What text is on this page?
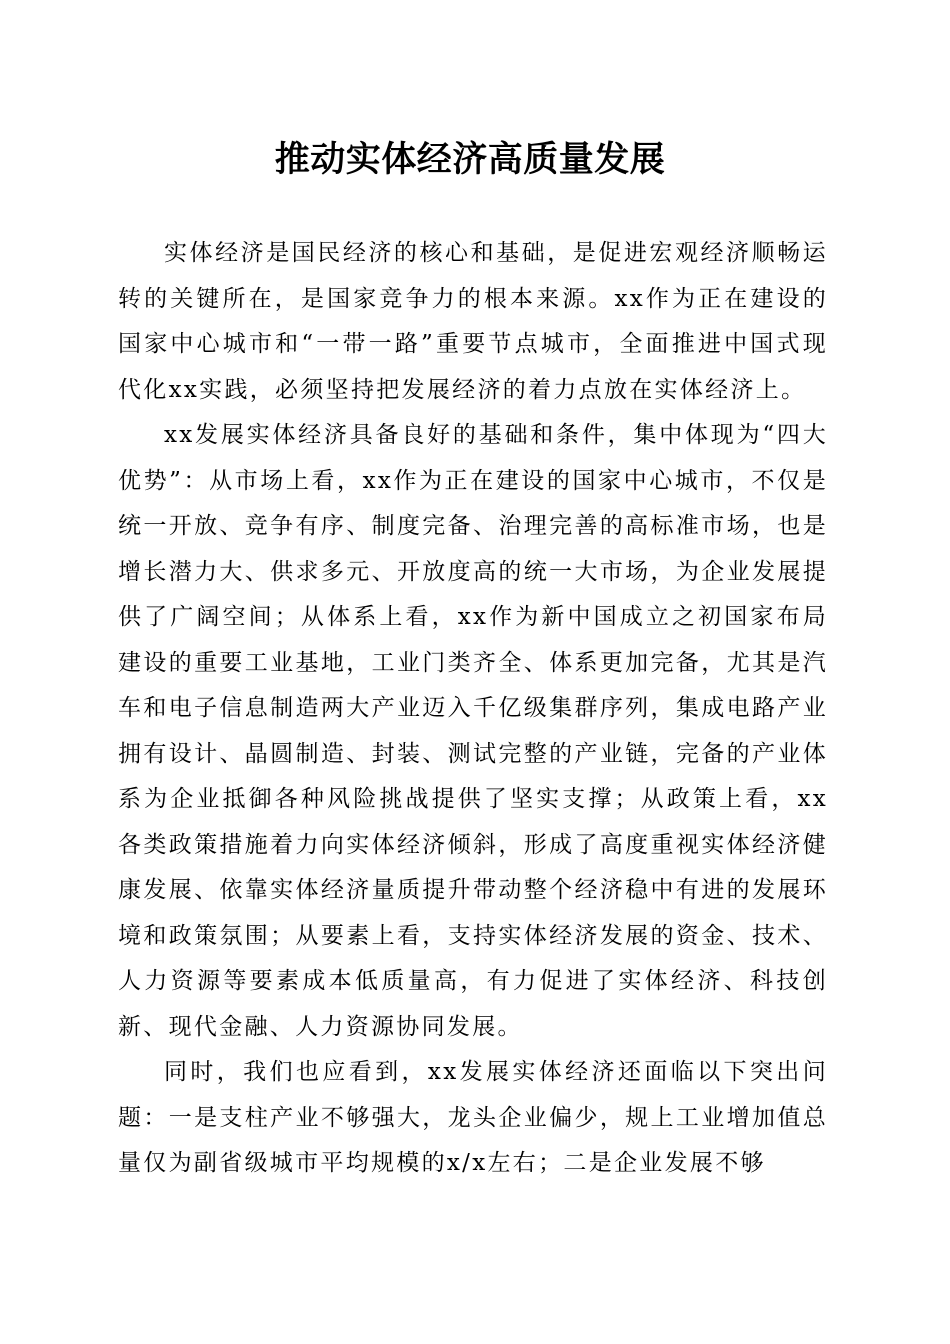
推动实体经济高质量发展

实体经济是国民经济的核心和基础，是促进宏观经济顺畅运转的关键所在，是国家竞争力的根本来源。xx作为正在建设的国家中心城市和“一带一路”重要节点城市，全面推进中国式现代化xx实践，必须坚持把发展经济的着力点放在实体经济上。

xx发展实体经济具备良好的基础和条件，集中体现为“四大优势”：从市场上看，xx作为正在建设的国家中心城市，不仅是统一开放、竞争有序、制度完备、治理完善的高标准市场，也是增长潜力大、供求多元、开放度高的统一大市场，为企业发展提供了广阔空间；从体系上看，xx作为新中国成立之初国家布局建设的重要工业基地，工业门类齐全、体系更加完备，尤其是汽车和电子信息制造两大产业迈入千亿级集群序列，集成电路产业拥有设计、晶圆制造、封装、测试完整的产业链，完备的产业体系为企业抵御各种风险挑战提供了坚实支撑；从政策上看，xx各类政策措施着力向实体经济倾斜，形成了高度重视实体经济健康发展、依靠实体经济量质提升带动整个经济稳中有进的发展环境和政策氛围；从要素上看，支持实体经济发展的资金、技术、人力资源等要素成本低质量高，有力促进了实体经济、科技创新、现代金融、人力资源协同发展。

同时，我们也应看到，xx发展实体经济还面临以下突出问题：一是支柱产业不够强大，龙头企业偏少，规上工业增加值总量仅为副省级城市平均规模的x/x左右；二是企业发展不够
